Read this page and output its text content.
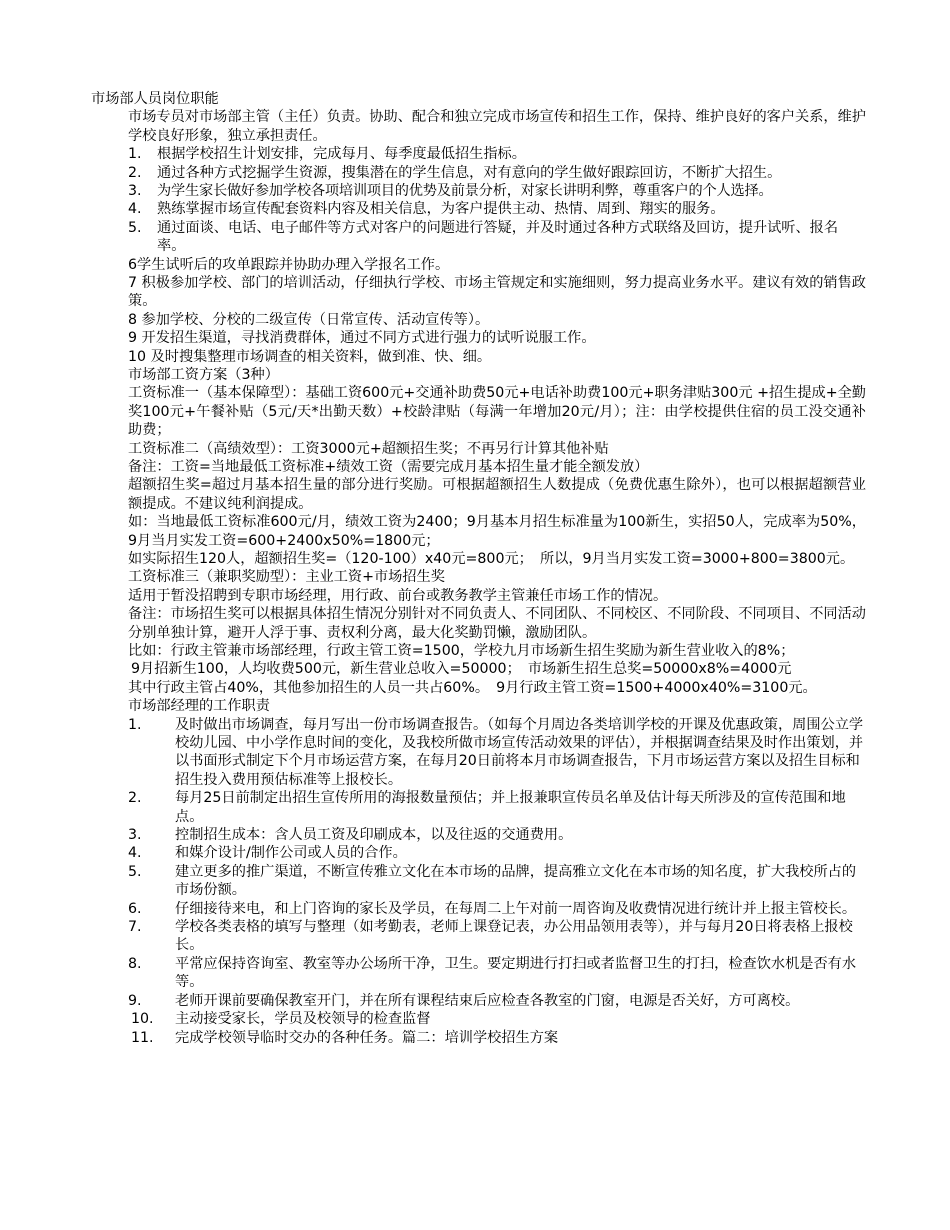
市场部人员岗位职能
市场专员对市场部主管（主任）负责。协助、配合和独立完成市场宣传和招生工作，保持、维护良好的客户关系，维护学校良好形象，独立承担责任。
1.	根据学校招生计划安排，完成每月、每季度最低招生指标。
2.	通过各种方式挖掘学生资源，搜集潜在的学生信息，对有意向的学生做好跟踪回访，不断扩大招生。
3.	为学生家长做好参加学校各项培训项目的优势及前景分析，对家长讲明利弊，尊重客户的个人选择。
4.	熟练掌握市场宣传配套资料内容及相关信息，为客户提供主动、热情、周到、翔实的服务。
5.	通过面谈、电话、电子邮件等方式对客户的问题进行答疑，并及时通过各种方式联络及回访，提升试听、报名率。
6学生试听后的攻单跟踪并协助办理入学报名工作。
7 积极参加学校、部门的培训活动，仔细执行学校、市场主管规定和实施细则，努力提高业务水平。建议有效的销售政策。
8 参加学校、分校的二级宣传（日常宣传、活动宣传等）。
9 开发招生渠道，寻找消费群体，通过不同方式进行强力的试听说服工作。
10 及时搜集整理市场调查的相关资料，做到准、快、细。
市场部工资方案（3种）
工资标准一（基本保障型）：基础工资600元+交通补助费50元+电话补助费100元+职务津贴300元 +招生提成+全勤奖100元+午餐补贴（5元/天*出勤天数）+校龄津贴（每满一年增加20元/月）；注：由学校提供住宿的员工没交通补助费；
工资标准二（高绩效型）：工资3000元+超额招生奖；不再另行计算其他补贴
备注：工资=当地最低工资标准+绩效工资（需要完成月基本招生量才能全额发放）
超额招生奖=超过月基本招生量的部分进行奖励。可根据超额招生人数提成（免费优惠生除外），也可以根据超额营业额提成。不建议纯利润提成。
如：当地最低工资标准600元/月，绩效工资为2400；9月基本月招生标准量为100新生，实招50人，完成率为50%，9月当月实发工资=600+2400x50%=1800元；
如实际招生120人，超额招生奖=（120-100）x40元=800元；　所以，9月当月实发工资=3000+800=3800元。
工资标准三（兼职奖励型）：主业工资+市场招生奖
适用于暂没招聘到专职市场经理，用行政、前台或教务教学主管兼任市场工作的情况。
备注：市场招生奖可以根据具体招生情况分别针对不同负责人、不同团队、不同校区、不同阶段、不同项目、不同活动分别单独计算，避开人浮于事、责权利分离，最大化奖勤罚懒，激励团队。
比如：行政主管兼市场部经理，行政主管工资=1500，学校九月市场新生招生奖励为新生营业收入的8%；
9月招新生100，人均收费500元，新生营业总收入=50000；　市场新生招生总奖=50000x8%=4000元
其中行政主管占40%，其他参加招生的人员一共占60%。　9月行政主管工资=1500+4000x40%=3100元。
市场部经理的工作职责
1.	及时做出市场调查，每月写出一份市场调查报告。（如每个月周边各类培训学校的开课及优惠政策，周围公立学校幼儿园、中小学作息时间的变化，及我校所做市场宣传活动效果的评估），并根据调查结果及时作出策划，并以书面形式制定下个月市场运营方案，在每月20日前将本月市场调查报告，下月市场运营方案以及招生目标和招生投入费用预估标准等上报校长。
2.	每月25日前制定出招生宣传所用的海报数量预估；并上报兼职宣传员名单及估计每天所涉及的宣传范围和地点。
3.	控制招生成本：含人员工资及印刷成本，以及往返的交通费用。
4.	和媒介设计/制作公司或人员的合作。
5.	建立更多的推广渠道，不断宣传雅立文化在本市场的品牌，提高雅立文化在本市场的知名度，扩大我校所占的市场份额。
6.	仔细接待来电，和上门咨询的家长及学员，在每周二上午对前一周咨询及收费情况进行统计并上报主管校长。
7.	学校各类表格的填写与整理（如考勤表，老师上课登记表，办公用品领用表等），并与每月20日将表格上报校长。
8.	平常应保持咨询室、教室等办公场所干净，卫生。要定期进行打扫或者监督卫生的打扫，检查饮水机是否有水等。
9.	老师开课前要确保教室开门，并在所有课程结束后应检查各教室的门窗，电源是否关好，方可离校。
10.	主动接受家长，学员及校领导的检查监督
11.	完成学校领导临时交办的各种任务。篇二：培训学校招生方案
